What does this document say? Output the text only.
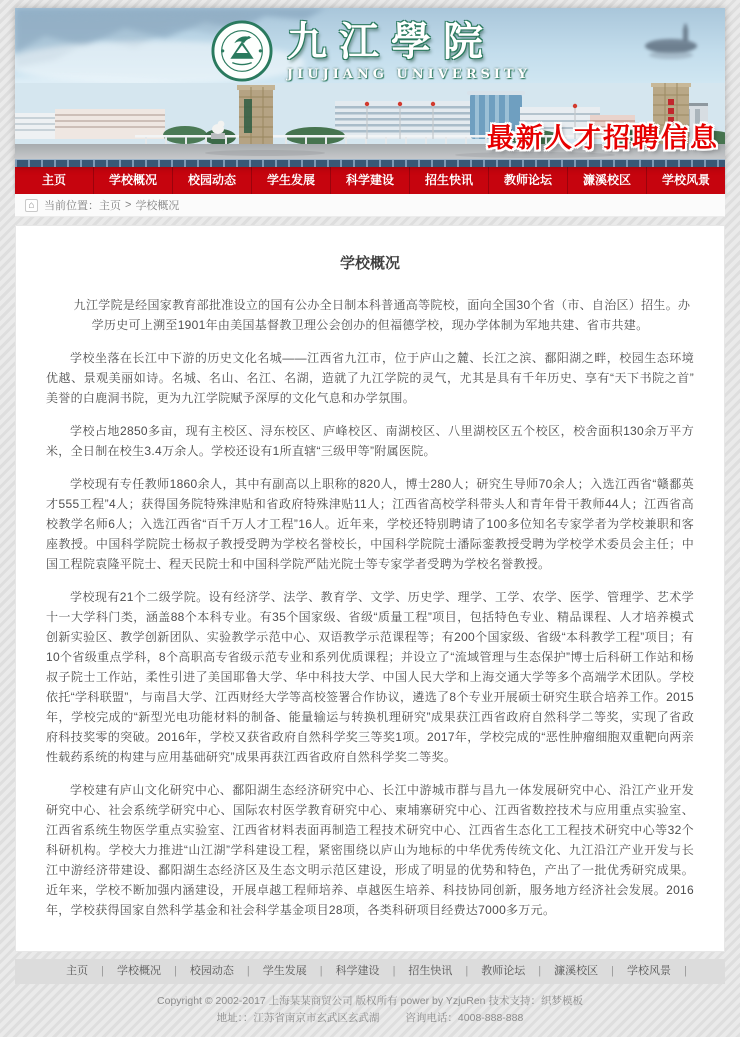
●	● 九江學院
JIUJIANG UNIVERSITY
最新人才招聘信息
主页	学校概况	校园动态	学生发展	科学建设	招生快讯	教师论坛	濂溪校区	学校风景
⌂ 当前位置： 主页 > 学校概况
学校概况

九江学院是经国家教育部批准设立的国有公办全日制本科普通高等院校，面向全国30个省（市、自治区）招生。办学历史可上溯至1901年由美国基督教卫理公会创办的但福德学校，现办学体制为军地共建、省市共建。

学校坐落在长江中下游的历史文化名城——江西省九江市，位于庐山之麓、长江之滨、鄱阳湖之畔，校园生态环境优越、景观美丽如诗。名城、名山、名江、名湖，造就了九江学院的灵气，尤其是具有千年历史、享有“天下书院之首”美誉的白鹿洞书院，更为九江学院赋予深厚的文化气息和办学氛围。

学校占地2850多亩，现有主校区、浔东校区、庐峰校区、南湖校区、八里湖校区五个校区，校舍面积130余万平方米，全日制在校生3.4万余人。学校还设有1所直辖“三级甲等”附属医院。

学校现有专任教师1860余人，其中有副高以上职称的820人，博士280人；研究生导师70余人；入选江西省“赣鄱英才555工程”4人；获得国务院特殊津贴和省政府特殊津贴11人；江西省高校学科带头人和青年骨干教师44人；江西省高校教学名师6人；入选江西省“百千万人才工程”16人。近年来，学校还特别聘请了100多位知名专家学者为学校兼职和客座教授。中国科学院院士杨叔子教授受聘为学校名誉校长，中国科学院院士潘际銮教授受聘为学校学术委员会主任；中国工程院袁隆平院士、程天民院士和中国科学院严陆光院士等专家学者受聘为学校名誉教授。

学校现有21个二级学院。设有经济学、法学、教育学、文学、历史学、理学、工学、农学、医学、管理学、艺术学十一大学科门类，涵盖88个本科专业。有35个国家级、省级“质量工程”项目，包括特色专业、精品课程、人才培养模式创新实验区、教学创新团队、实验教学示范中心、双语教学示范课程等；有200个国家级、省级“本科教学工程”项目；有10个省级重点学科，8个高职高专省级示范专业和系列优质课程；并设立了“流域管理与生态保护”博士后科研工作站和杨叔子院士工作站，柔性引进了美国耶鲁大学、华中科技大学、中国人民大学和上海交通大学等多个高端学术团队。学校依托“学科联盟”，与南昌大学、江西财经大学等高校签署合作协议，遴选了8个专业开展硕士研究生联合培养工作。2015年，学校完成的“新型光电功能材料的制备、能量输运与转换机理研究”成果获江西省政府自然科学二等奖，实现了省政府科技奖零的突破。2016年，学校又获省政府自然科学奖三等奖1项。2017年，学校完成的“恶性肿瘤细胞双重靶向两亲性载药系统的构建与应用基础研究”成果再获江西省政府自然科学奖二等奖。

学校建有庐山文化研究中心、鄱阳湖生态经济研究中心、长江中游城市群与昌九一体发展研究中心、沿江产业开发研究中心、社会系统学研究中心、国际农村医学教育研究中心、柬埔寨研究中心、江西省数控技术与应用重点实验室、江西省系统生物医学重点实验室、江西省材料表面再制造工程技术研究中心、江西省生态化工工程技术研究中心等32个科研机构。学校大力推进“山江湖”学科建设工程，紧密围绕以庐山为地标的中华优秀传统文化、九江沿江产业开发与长江中游经济带建设、鄱阳湖生态经济区及生态文明示范区建设，形成了明显的优势和特色，产出了一批优秀研究成果。近年来，学校不断加强内涵建设，开展卓越工程师培养、卓越医生培养、科技协同创新，服务地方经济社会发展。2016年，学校获得国家自然科学基金和社会科学基金项目28项，各类科研项目经费达7000多万元。

主页 | 学校概况 | 校园动态 | 学生发展 | 科学建设 | 招生快讯 | 教师论坛 | 濂溪校区 | 学校风景 |
Copyright © 2002-2017 上海某某商贸公司 版权所有 power by YzjuRen 技术支持：织梦模板
地址：：江苏省南京市玄武区玄武湖 咨询电话：4008-888-888
